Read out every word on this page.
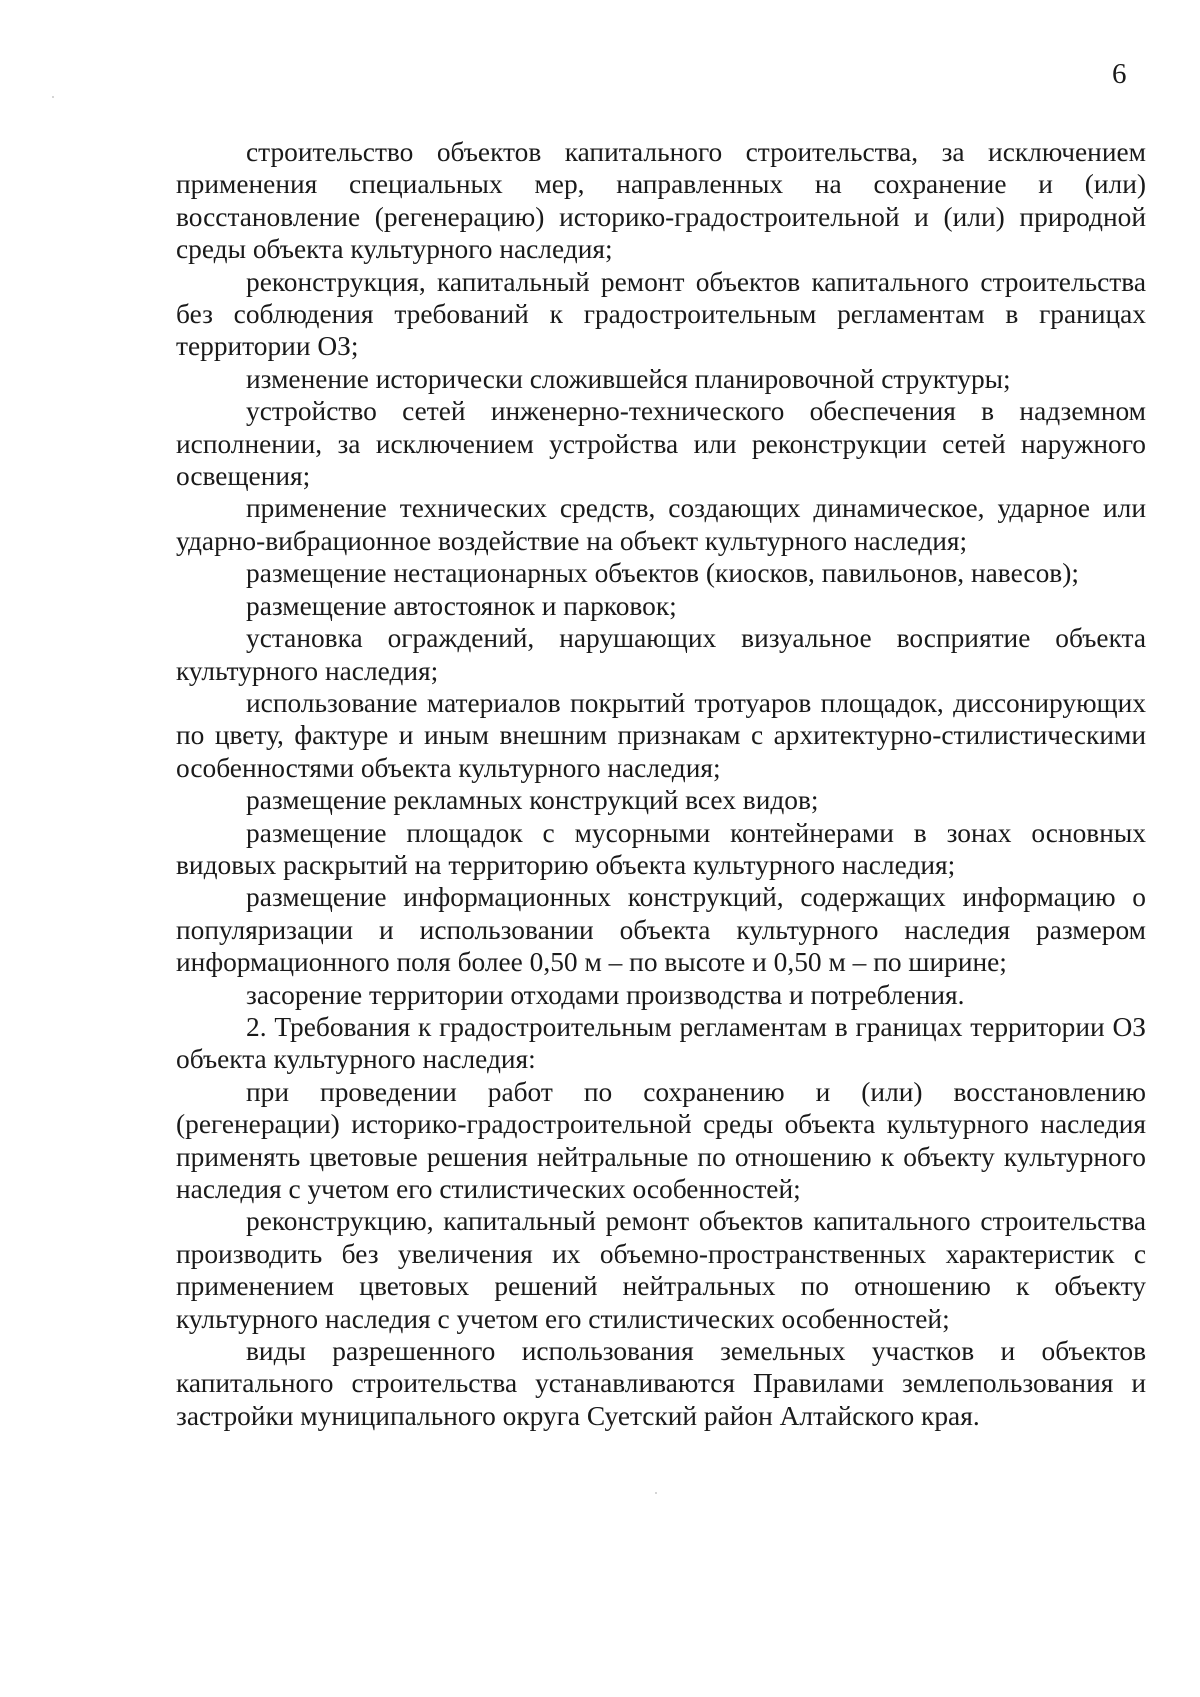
6

строительство объектов капитального строительства, за исключением применения специальных мер, направленных на сохранение и (или) восстановление (регенерацию) историко-градостроительной и (или) природной среды объекта культурного наследия;

реконструкция, капитальный ремонт объектов капитального строительства без соблюдения требований к градостроительным регламентам в границах территории ОЗ;

изменение исторически сложившейся планировочной структуры;

устройство сетей инженерно-технического обеспечения в надземном исполнении, за исключением устройства или реконструкции сетей наружного освещения;

применение технических средств, создающих динамическое, ударное или ударно-вибрационное воздействие на объект культурного наследия;

размещение нестационарных объектов (киосков, павильонов, навесов);

размещение автостоянок и парковок;

установка ограждений, нарушающих визуальное восприятие объекта культурного наследия;

использование материалов покрытий тротуаров площадок, диссонирующих по цвету, фактуре и иным внешним признакам с архитектурно-стилистическими особенностями объекта культурного наследия;

размещение рекламных конструкций всех видов;

размещение площадок с мусорными контейнерами в зонах основных видовых раскрытий на территорию объекта культурного наследия;

размещение информационных конструкций, содержащих информацию о популяризации и использовании объекта культурного наследия размером информационного поля более 0,50 м – по высоте и 0,50 м – по ширине;

засорение территории отходами производства и потребления.

2. Требования к градостроительным регламентам в границах территории ОЗ объекта культурного наследия:

при проведении работ по сохранению и (или) восстановлению (регенерации) историко-градостроительной среды объекта культурного наследия применять цветовые решения нейтральные по отношению к объекту культурного наследия с учетом его стилистических особенностей;

реконструкцию, капитальный ремонт объектов капитального строительства производить без увеличения их объемно-пространственных характеристик с применением цветовых решений нейтральных по отношению к объекту культурного наследия с учетом его стилистических особенностей;

виды разрешенного использования земельных участков и объектов капитального строительства устанавливаются Правилами землепользования и застройки муниципального округа Суетский район Алтайского края.
